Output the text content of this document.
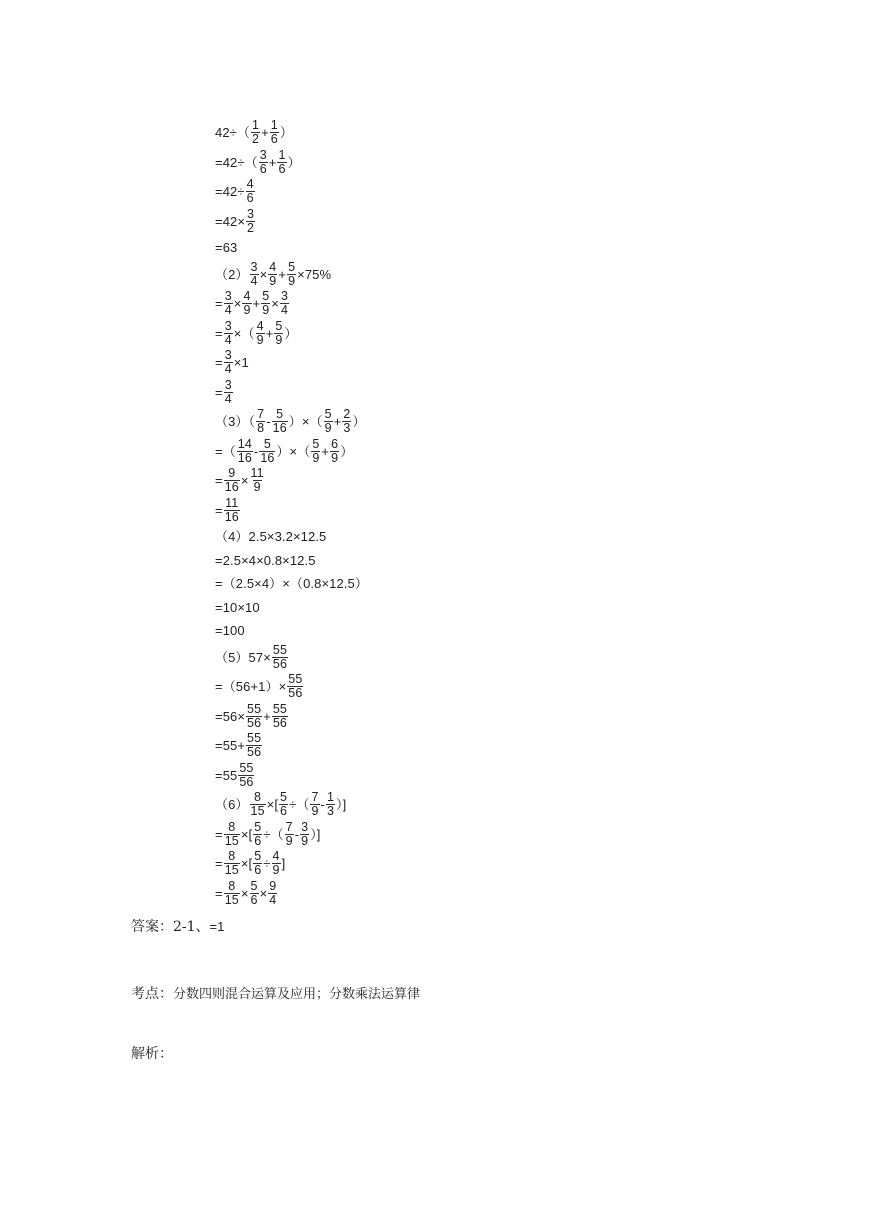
$42\div( \frac{1}{2} + \frac{1}{6}$ ）
$=42\div( \frac{3}{6} + \frac{1}{6}$ ）
$=42\div \frac{4}{6}$
$=42\times \frac{3}{2}$
=63
$(2) \frac{3}{4} \times \frac{4}{9} + \frac{5}{9} \times 75\%$
= $\frac{3}{4} \times \frac{4}{9} + \frac{5}{9} \times \frac{3}{4}$
= $\frac{3}{4}$ ×（ $\frac{4}{9} + \frac{5}{9}$ ）
= $\frac{3}{4} \times 1$
= $\frac{3}{4}$
$(3)( \frac{7}{8} - \frac{5}{16}$ ）×（ $\frac{5}{9} + \frac{2}{3}$ ）
=（ $\frac{14}{16} - \frac{5}{16}$ ）×（ $\frac{5}{9} + \frac{6}{9}$ ）
= $\frac{9}{16} \times \frac{11}{9}$
= $\frac{11}{16}$
（4）2.5×3.2×12.5
=2.5×4×0.8×12.5
=（2.5×4）×（0.8×12.5）
=10×10
=100
$(5)57\times \frac{55}{56}$
$=(56+1)\times \frac{55}{56}$
$=56\times \frac{55}{56} + \frac{55}{56}$
$=55+ \frac{55}{56}$
$=55 \frac{55}{56}$
$(6) \frac{8}{15}$ ×[ $\frac{5}{6}$ ÷（ $\frac{7}{9} - \frac{1}{3}$ ）]
= $\frac{8}{15}$ ×[ $\frac{5}{6}$ ÷（ $\frac{7}{9} - \frac{3}{9}$ ）]
= $\frac{8}{15}$ ×[ $\frac{5}{6} \div \frac{4}{9}$ ]
= $\frac{8}{15} \times \frac{5}{6} \times \frac{9}{4}$
答案：2-1、=1
考点：分数四则混合运算及应用；分数乘法运算律
解析：
